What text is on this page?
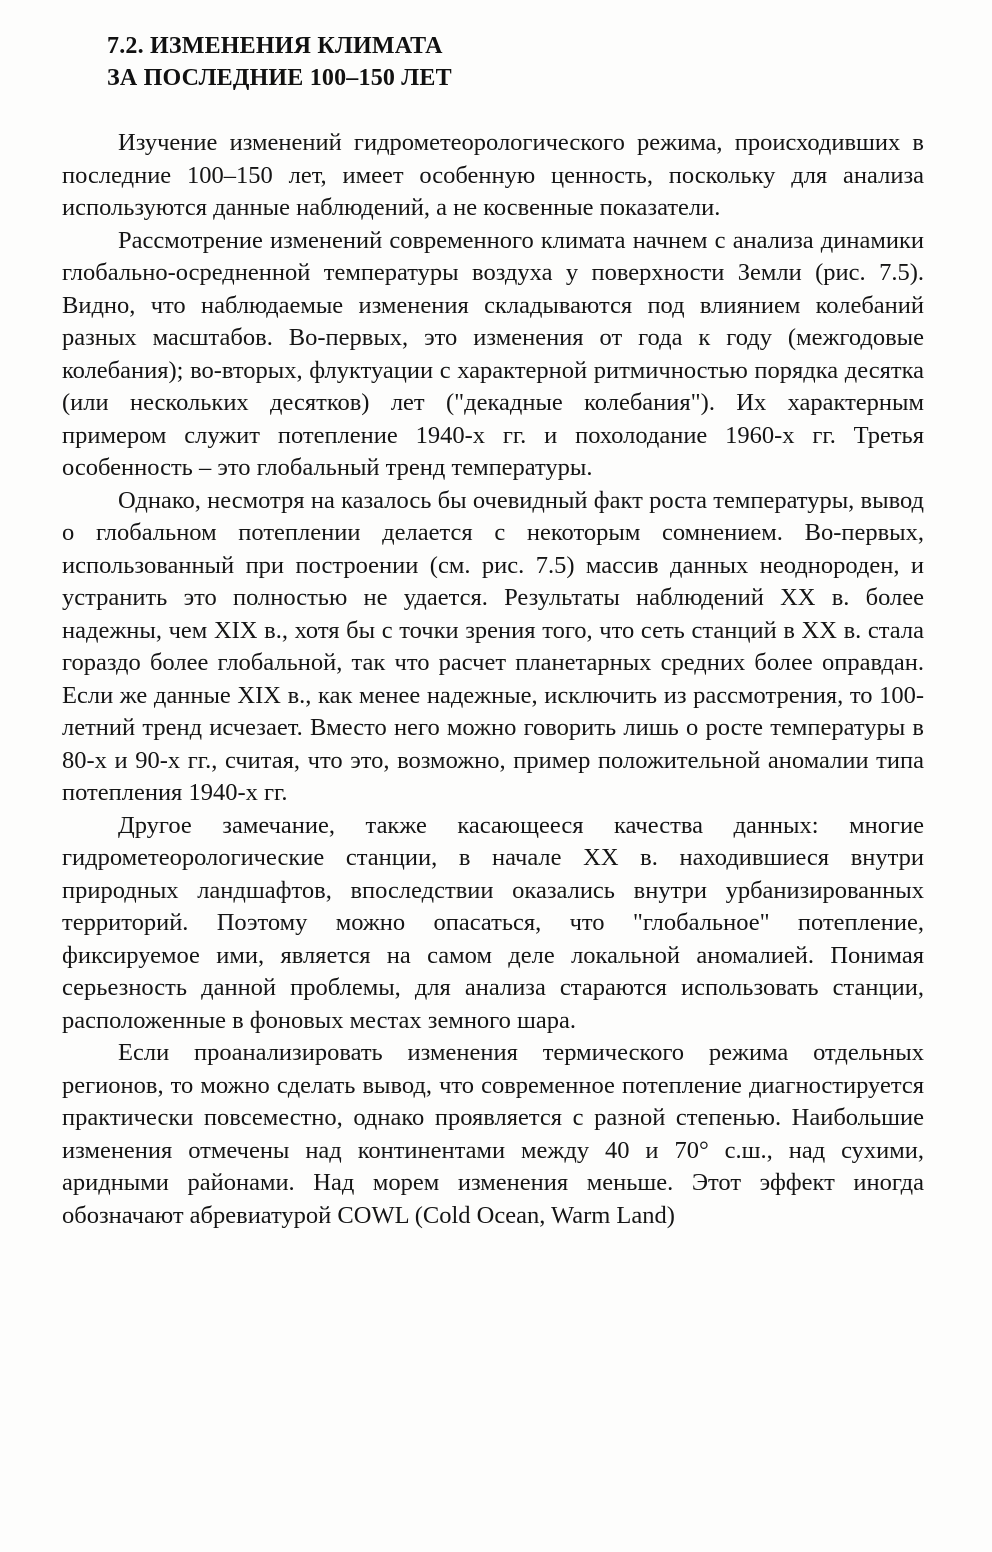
7.2. ИЗМЕНЕНИЯ КЛИМАТА
ЗА ПОСЛЕДНИЕ 100–150 ЛЕТ

Изучение изменений гидрометеорологического режима, происходивших в последние 100–150 лет, имеет особенную ценность, поскольку для анализа используются данные наблюдений, а не косвенные показатели.

Рассмотрение изменений современного климата начнем с анализа динамики глобально-осредненной температуры воздуха у поверхности Земли (рис. 7.5). Видно, что наблюдаемые изменения складываются под влиянием колебаний разных масштабов. Во-первых, это изменения от года к году (межгодовые колебания); во-вторых, флуктуации с характерной ритмичностью порядка десятка (или нескольких десятков) лет ("декадные колебания"). Их характерным примером служит потепление 1940-х гг. и похолодание 1960-х гг. Третья особенность – это глобальный тренд температуры.

Однако, несмотря на казалось бы очевидный факт роста температуры, вывод о глобальном потеплении делается с некоторым сомнением. Во-первых, использованный при построении (см. рис. 7.5) массив данных неоднороден, и устранить это полностью не удается. Результаты наблюдений XX в. более надежны, чем XIX в., хотя бы с точки зрения того, что сеть станций в XX в. стала гораздо более глобальной, так что расчет планетарных средних более оправдан. Если же данные XIX в., как менее надежные, исключить из рассмотрения, то 100-летний тренд исчезает. Вместо него можно говорить лишь о росте температуры в 80-х и 90-х гг., считая, что это, возможно, пример положительной аномалии типа потепления 1940-х гг.

Другое замечание, также касающееся качества данных: многие гидрометеорологические станции, в начале XX в. находившиеся внутри природных ландшафтов, впоследствии оказались внутри урбанизированных территорий. Поэтому можно опасаться, что "глобальное" потепление, фиксируемое ими, является на самом деле локальной аномалией. Понимая серьезность данной проблемы, для анализа стараются использовать станции, расположенные в фоновых местах земного шара.

Если проанализировать изменения термического режима отдельных регионов, то можно сделать вывод, что современное потепление диагностируется практически повсеместно, однако проявляется с разной степенью. Наибольшие изменения отмечены над континентами между 40 и 70° с.ш., над сухими, аридными районами. Над морем изменения меньше. Этот эффект иногда обозначают абревиатурой COWL (Cold Ocean, Warm Land)
